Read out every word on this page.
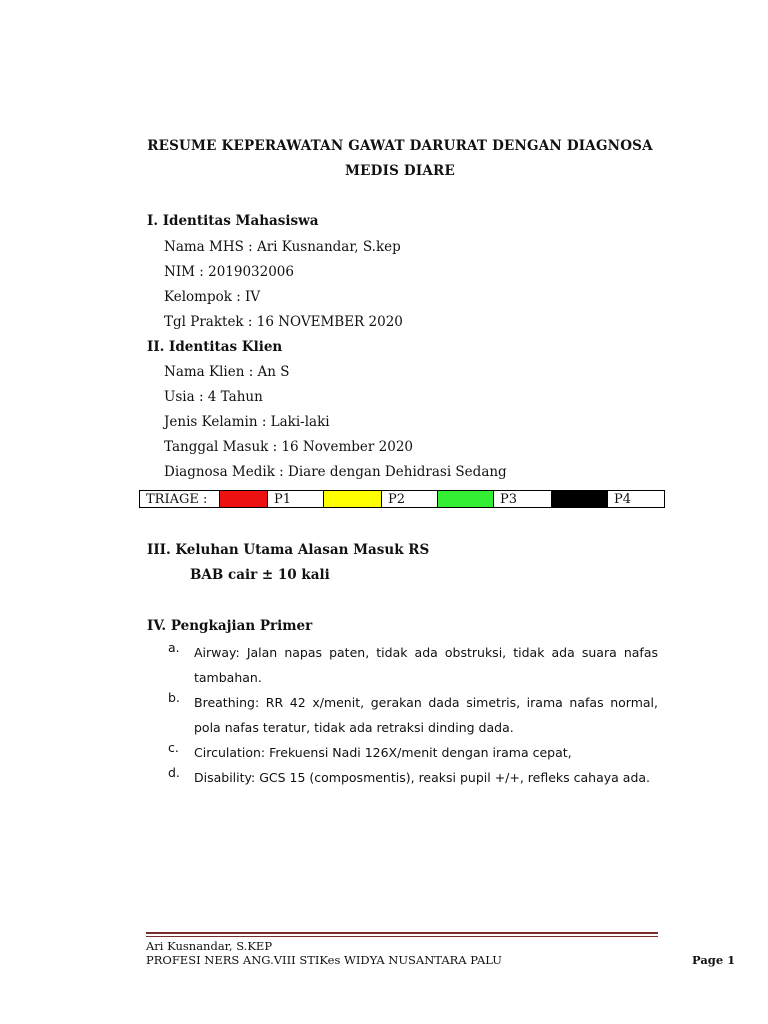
RESUME KEPERAWATAN GAWAT DARURAT DENGAN DIAGNOSA
MEDIS DIARE
I. Identitas Mahasiswa
Nama MHS : Ari Kusnandar, S.kep
NIM : 2019032006
Kelompok : IV
Tgl Praktek : 16 NOVEMBER 2020
II. Identitas Klien
Nama Klien : An S
Usia : 4 Tahun
Jenis Kelamin : Laki-laki
Tanggal Masuk : 16 November 2020
Diagnosa Medik : Diare dengan Dehidrasi Sedang
TRIAGE :	P1	P2	P3	P4
III. Keluhan Utama Alasan Masuk RS
BAB cair ± 10 kali
IV. Pengkajian Primer
a.	Airway: Jalan napas paten, tidak ada obstruksi, tidak ada suara nafas tambahan.
b.	Breathing: RR 42 x/menit, gerakan dada simetris, irama nafas normal, pola nafas teratur, tidak ada retraksi dinding dada.
c.	Circulation: Frekuensi Nadi 126X/menit dengan irama cepat,
d.	Disability: GCS 15 (composmentis), reaksi pupil +/+, refleks cahaya ada.
Ari Kusnandar, S.KEP
PROFESI NERS ANG.VIII STIKes WIDYA NUSANTARA PALU	Page 1
